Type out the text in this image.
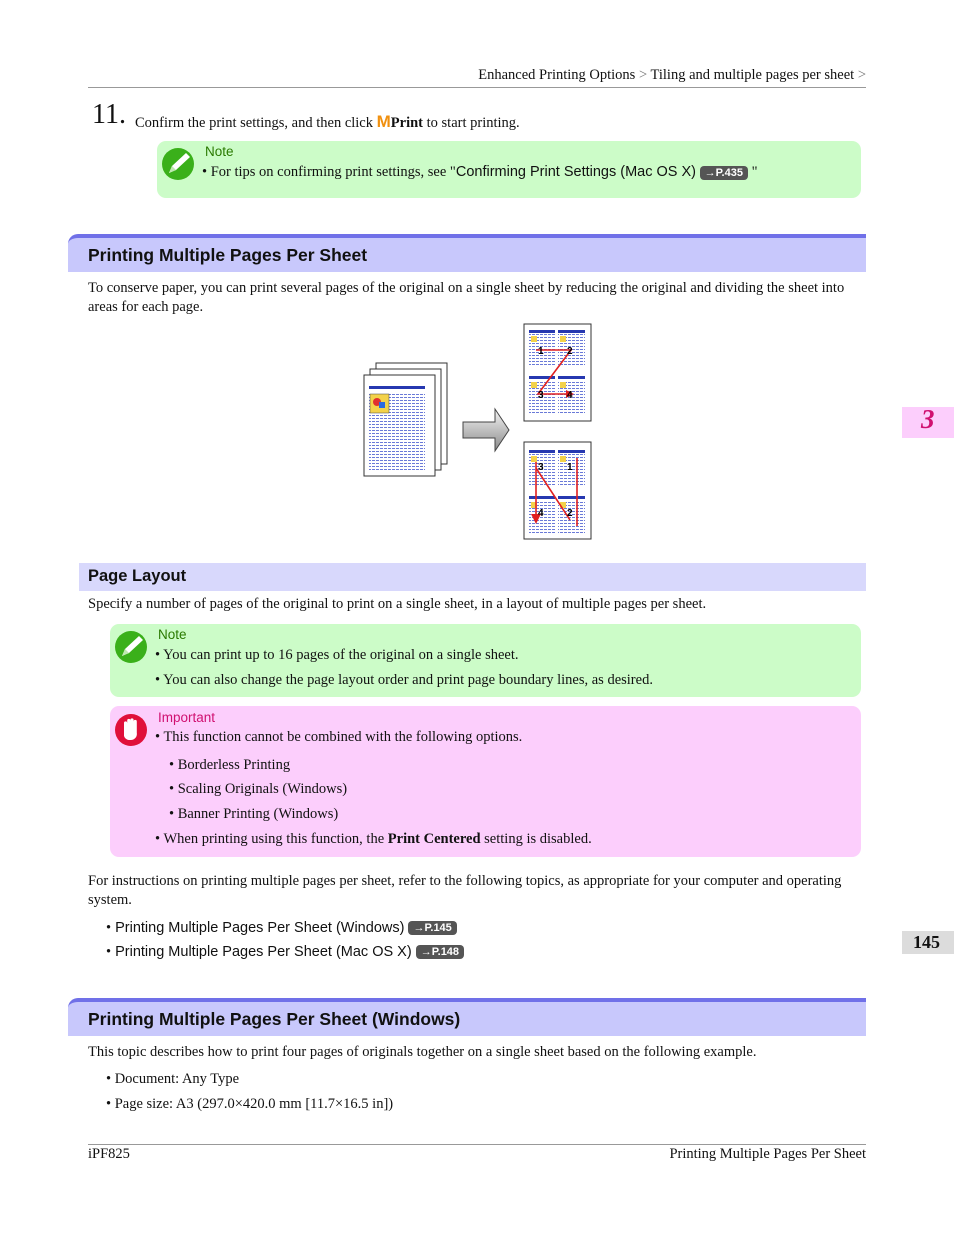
Enhanced Printing Options > Tiling and multiple pages per sheet >
11. Confirm the print settings, and then click MPrint to start printing.
Note
• For tips on confirming print settings, see "Confirming Print Settings (Mac OS X) →P.435 "
Printing Multiple Pages Per Sheet
To conserve paper, you can print several pages of the original on a single sheet by reducing the original and dividing the sheet into areas for each page.
1 2
3 4
3 1
4 2
3
Page Layout
Specify a number of pages of the original to print on a single sheet, in a layout of multiple pages per sheet.
Note
• You can print up to 16 pages of the original on a single sheet.
• You can also change the page layout order and print page boundary lines, as desired.
Important
• This function cannot be combined with the following options.
• Borderless Printing
• Scaling Originals (Windows)
• Banner Printing (Windows)
• When printing using this function, the Print Centered setting is disabled.
For instructions on printing multiple pages per sheet, refer to the following topics, as appropriate for your computer and operating system.
• Printing Multiple Pages Per Sheet (Windows) →P.145
• Printing Multiple Pages Per Sheet (Mac OS X) →P.148
145
Printing Multiple Pages Per Sheet (Windows)
This topic describes how to print four pages of originals together on a single sheet based on the following example.
• Document: Any Type
• Page size: A3 (297.0×420.0 mm [11.7×16.5 in])
iPF825	Printing Multiple Pages Per Sheet
